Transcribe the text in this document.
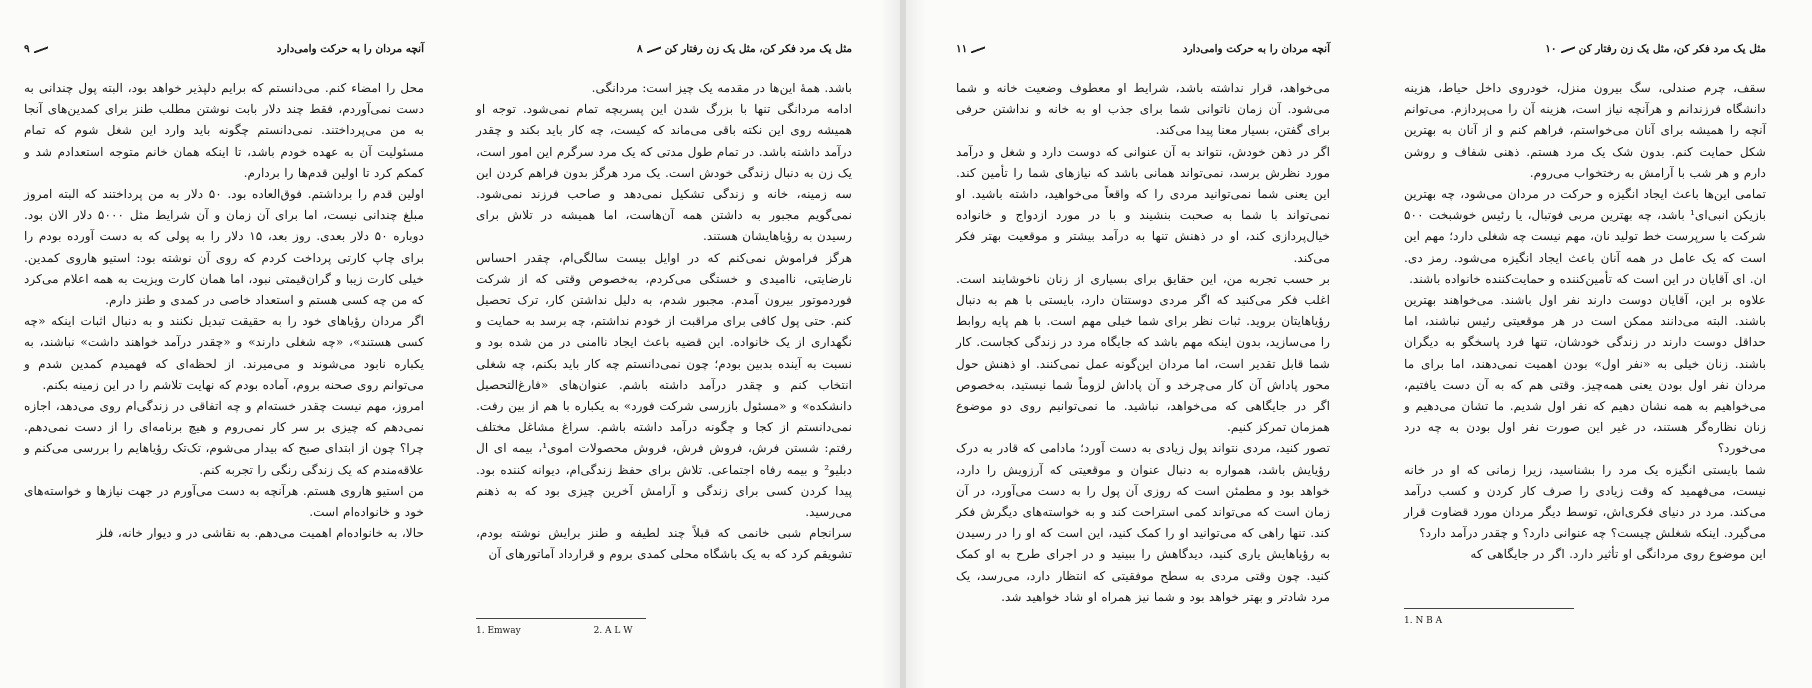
آنچه مردان را به حرکت وامی‌دارد
۹

محل را امضاء کنم. می‌دانستم که برایم دلپذیر خواهد بود، البته پول چندانی به دست نمی‌آوردم، فقط چند دلار بابت نوشتن مطلب طنز برای کمدین‌های آنجا به من می‌پرداختند. نمی‌دانستم چگونه باید وارد این شغل شوم که تمام مسئولیت آن به عهده خودم باشد، تا اینکه همان خانم متوجه استعدادم شد و کمکم کرد تا اولین قدم‌ها را بردارم.

اولین قدم را برداشتم. فوق‌العاده بود. ۵۰ دلار به من پرداختند که البته امروز مبلغ چندانی نیست، اما برای آن زمان و آن شرایط مثل ۵۰۰۰ دلار الان بود. دوباره ۵۰ دلار بعدی. روز بعد، ۱۵ دلار را به پولی که به دست آورده بودم را برای چاپ کارتی پرداخت کردم که روی آن نوشته بود: استیو هاروی کمدین. خیلی کارت زیبا و گران‌قیمتی نبود، اما همان کارت ویزیت به همه اعلام می‌کرد که من چه کسی هستم و استعداد خاصی در کمدی و طنز دارم.

اگر مردان رؤیاهای خود را به حقیقت تبدیل نکنند و به دنبال اثبات اینکه «چه کسی هستند»، «چه شغلی دارند» و «چقدر درآمد خواهند داشت» نباشند، به یکباره نابود می‌شوند و می‌میرند. از لحظه‌ای که فهمیدم کمدین شدم و می‌توانم روی صحنه بروم، آماده بودم که نهایت تلاشم را در این زمینه بکنم.

امروز، مهم نیست چقدر خسته‌ام و چه اتفاقی در زندگی‌ام روی می‌دهد، اجازه نمی‌دهم که چیزی بر سر کار نمی‌روم و هیچ برنامه‌ای را از دست نمی‌دهم. چرا؟ چون از ابتدای صبح که بیدار می‌شوم، تک‌تک رؤیاهایم را بررسی می‌کنم و علاقه‌مندم که یک زندگی رنگی را تجربه کنم.

من استیو هاروی هستم. هرآنچه به دست می‌آورم در جهت نیازها و خواسته‌های خود و خانواده‌ام است.

حالا، به خانواده‌ام اهمیت می‌دهم. به نقاشی در و دیوار خانه، فلز

مثل یک مرد فکر کن، مثل یک زن رفتار کن۸

باشد. همهٔ این‌ها در مقدمه یک چیز است: مردانگی.

ادامه مردانگی تنها با بزرگ شدن این پسربچه تمام نمی‌شود. توجه او همیشه روی این نکته باقی می‌ماند که کیست، چه کار باید بکند و چقدر درآمد داشته باشد. در تمام طول مدتی که یک مرد سرگرم این امور است، یک زن به دنبال زندگی خودش است. یک مرد هرگز بدون فراهم کردن این سه زمینه، خانه و زندگی تشکیل نمی‌دهد و صاحب فرزند نمی‌شود. نمی‌گویم مجبور به داشتن همه آن‌هاست، اما همیشه در تلاش برای رسیدن به رؤیاهایشان هستند.

هرگز فراموش نمی‌کنم که در اوایل بیست سالگی‌ام، چقدر احساس نارضایتی، ناامیدی و خستگی می‌کردم، به‌خصوص وقتی که از شرکت فوردموتور بیرون آمدم. مجبور شدم، به دلیل نداشتن کار، ترک تحصیل کنم. حتی پول کافی برای مراقبت از خودم نداشتم، چه برسد به حمایت و نگهداری از یک خانواده. این قضیه باعث ایجاد ناامنی در من شده بود و نسبت به آینده بدبین بودم؛ چون نمی‌دانستم چه کار باید بکنم، چه شغلی انتخاب کنم و چقدر درآمد داشته باشم. عنوان‌های «فارغ‌التحصیل دانشکده» و «مسئول بازرسی شرکت فورد» به یکباره با هم از بین رفت. نمی‌دانستم از کجا و چگونه درآمد داشته باشم. سراغ مشاغل مختلف رفتم: شستن فرش، فروش فرش، فروش محصولات اموی¹، بیمه ای ال دبلیو² و بیمه رفاه اجتماعی. تلاش برای حفظ زندگی‌ام، دیوانه کننده بود. پیدا کردن کسی برای زندگی و آرامش آخرین چیزی بود که به ذهنم می‌رسید.

سرانجام شبی خانمی که قبلاً چند لطیفه و طنز برایش نوشته بودم، تشویقم کرد که به یک باشگاه محلی کمدی بروم و قرارداد آماتورهای آن

1. Emway	2. A L W
آنچه مردان را به حرکت وامی‌دارد
۱۱

می‌خواهد، قرار نداشته باشد، شرایط او معطوف وضعیت خانه و شما می‌شود. آن زمان ناتوانی شما برای جذب او به خانه و نداشتن حرفی برای گفتن، بسیار معنا پیدا می‌کند.

اگر در ذهن خودش، نتواند به آن عنوانی که دوست دارد و شغل و درآمد مورد نظرش برسد، نمی‌تواند همانی باشد که نیازهای شما را تأمین کند. این یعنی شما نمی‌توانید مردی را که واقعاً می‌خواهید، داشته باشید. او نمی‌تواند با شما به صحبت بنشیند و با در مورد ازدواج و خانواده خیال‌پردازی کند، او در ذهنش تنها به درآمد بیشتر و موقعیت بهتر فکر می‌کند.

بر حسب تجربه من، این حقایق برای بسیاری از زنان ناخوشایند است. اغلب فکر می‌کنید که اگر مردی دوستتان دارد، بایستی با هم به دنبال رؤیاهایتان بروید. ثبات نظر برای شما خیلی مهم است. با هم پایه روابط را می‌سازید، بدون اینکه مهم باشد که جایگاه مرد در زندگی کجاست. کار شما قابل تقدیر است، اما مردان این‌گونه عمل نمی‌کنند. او ذهنش حول محور پاداش آن کار می‌چرخد و آن پاداش لزوماً شما نیستید، به‌خصوص اگر در جایگاهی که می‌خواهد، نباشید. ما نمی‌توانیم روی دو موضوع همزمان تمرکز کنیم.

تصور کنید، مردی نتواند پول زیادی به دست آورد؛ مادامی که قادر به درک رؤیایش باشد، همواره به دنبال عنوان و موقعیتی که آرزویش را دارد، خواهد بود و مطمئن است که روزی آن پول را به دست می‌آورد، در آن زمان است که می‌تواند کمی استراحت کند و به خواسته‌های دیگرش فکر کند. تنها راهی که می‌توانید او را کمک کنید، این است که او را در رسیدن به رؤیاهایش یاری کنید، دیدگاهش را ببینید و در اجرای طرح به او کمک کنید. چون وقتی مردی به سطح موفقیتی که انتظار دارد، می‌رسد، یک مرد شادتر و بهتر خواهد بود و شما نیز همراه او شاد خواهید شد.

مثل یک مرد فکر کن، مثل یک زن رفتار کن۱۰

سقف، چرم صندلی، سگ بیرون منزل، خودروی داخل حیاط، هزینه دانشگاه فرزندانم و هرآنچه نیاز است، هزینه آن را می‌پردازم. می‌توانم آنچه را همیشه برای آنان می‌خواستم، فراهم کنم و از آنان به بهترین شکل حمایت کنم. بدون شک یک مرد هستم. ذهنی شفاف و روشن دارم و هر شب با آرامش به رختخواب می‌روم.

تمامی این‌ها باعث ایجاد انگیزه و حرکت در مردان می‌شود، چه بهترین بازیکن انبی‌ای¹ باشد، چه بهترین مربی فوتبال، یا رئیس خوشبخت ۵۰۰ شرکت یا سرپرست خط تولید نان، مهم نیست چه شغلی دارد؛ مهم این است که یک عامل در همه آنان باعث ایجاد انگیزه می‌شود. رمز دی. ان. ای آقایان در این است که تأمین‌کننده و حمایت‌کننده خانواده باشند.

علاوه بر این، آقایان دوست دارند نفر اول باشند. می‌خواهند بهترین باشند. البته می‌دانند ممکن است در هر موقعیتی رئیس نباشند، اما حداقل دوست دارند در زندگی خودشان، تنها فرد پاسخگو به دیگران باشند. زنان خیلی به «نفر اول» بودن اهمیت نمی‌دهند، اما برای ما مردان نفر اول بودن یعنی همه‌چیز. وقتی هم که به آن دست یافتیم، می‌خواهیم به همه نشان دهیم که نفر اول شدیم. ما تشان می‌دهیم و زنان نظاره‌گر هستند، در غیر این صورت نفر اول بودن به چه درد می‌خورد؟

شما بایستی انگیزه یک مرد را بشناسید، زیرا زمانی که او در خانه نیست، می‌فهمید که وقت زیادی را صرف کار کردن و کسب درآمد می‌کند. مرد در دنیای فکری‌اش، توسط دیگر مردان مورد قضاوت قرار می‌گیرد. اینکه شغلش چیست؟ چه عنوانی دارد؟ و چقدر درآمد دارد؟

این موضوع روی مردانگی او تأثیر دارد. اگر در جایگاهی که

1. N B A
